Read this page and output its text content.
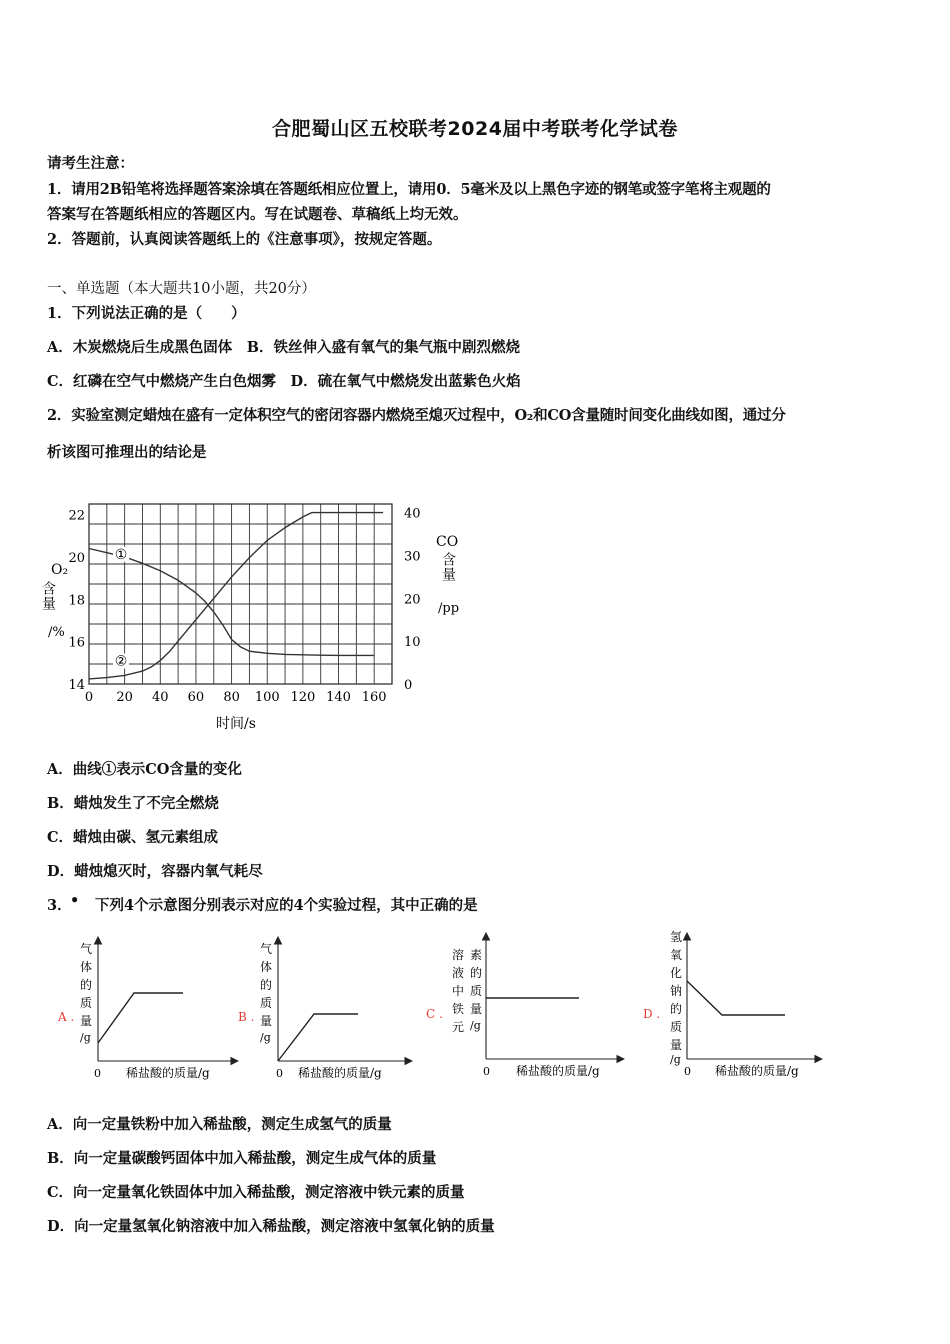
合肥蜀山区五校联考2024届中考联考化学试卷
请考生注意：
1．请用2B铅笔将选择题答案涂填在答题纸相应位置上，请用0．5毫米及以上黑色字迹的钢笔或签字笔将主观题的
答案写在答题纸相应的答题区内。写在试题卷、草稿纸上均无效。
2．答题前，认真阅读答题纸上的《注意事项》，按规定答题。
一、单选题（本大题共10小题，共20分）
1．下列说法正确的是（　　）
A．木炭燃烧后生成黑色固体　B．铁丝伸入盛有氧气的集气瓶中剧烈燃烧
C．红磷在空气中燃烧产生白色烟雾　D．硫在氧气中燃烧发出蓝紫色火焰
2．实验室测定蜡烛在盛有一定体积空气的密闭容器内燃烧至熄灭过程中，O₂和CO含量随时间变化曲线如图，通过分
析该图可推理出的结论是
①
②
0 20 40 60 80 100 120 140 160
14
16
18
20
22
0
10
20
30
40
O₂
含量
/%
CO
含量
/pp
时间/s
A．曲线①表示CO含量的变化
B．蜡烛发生了不完全燃烧
C．蜡烛由碳、氢元素组成
D．蜡烛熄灭时，容器内氧气耗尽
3．
• 下列4个示意图分别表示对应的4个实验过程，其中正确的是
A .
气
体
的
质
量
/g
0 稀盐酸的质量/g
B .
气
体
的
质
量
/g
0 稀盐酸的质量/g
C .
溶
液
中
铁
元
素
的
质
量
/g
0 稀盐酸的质量/g
D .
氢
氧
化
钠
的
质
量
/g
0 稀盐酸的质量/g
A．向一定量铁粉中加入稀盐酸，测定生成氢气的质量
B．向一定量碳酸钙固体中加入稀盐酸，测定生成气体的质量
C．向一定量氧化铁固体中加入稀盐酸，测定溶液中铁元素的质量
D．向一定量氢氧化钠溶液中加入稀盐酸，测定溶液中氢氧化钠的质量
